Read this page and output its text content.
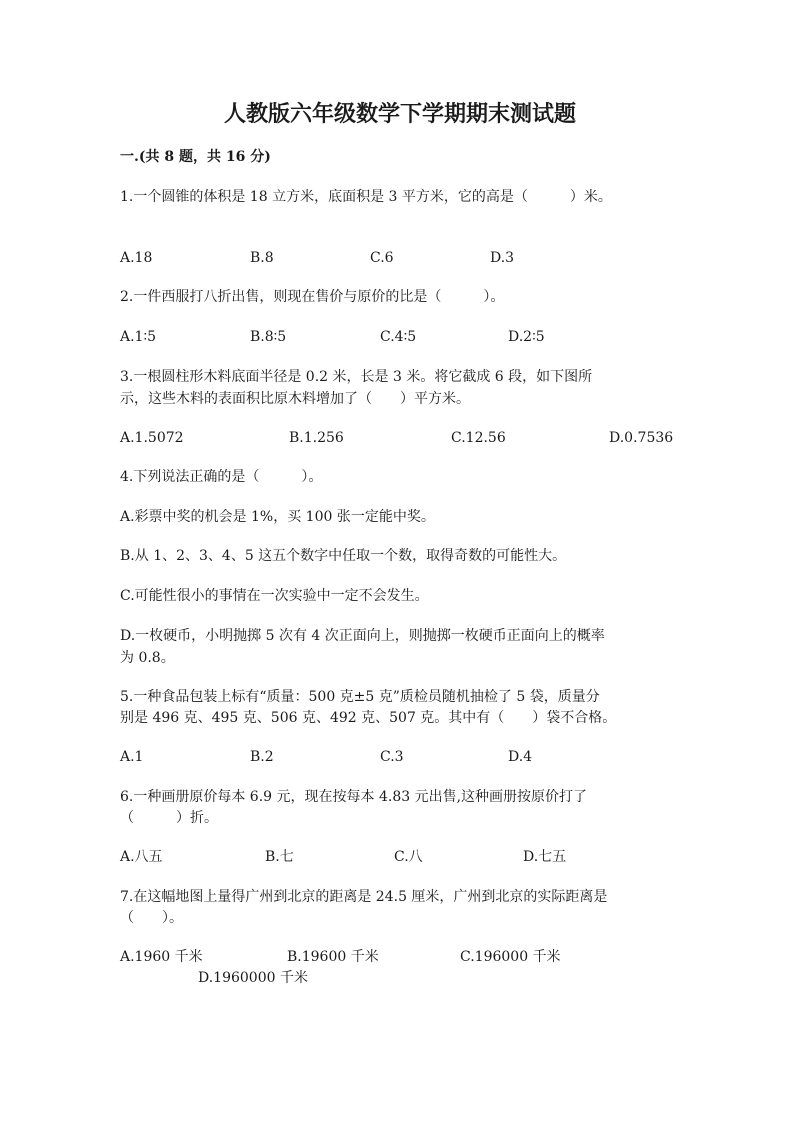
人教版六年级数学下学期期末测试题
一.(共 8 题，共 16 分)
1.一个圆锥的体积是 18 立方米，底面积是 3 平方米，它的高是（　　　）米。
A.18	B.8	C.6	D.3
2.一件西服打八折出售，则现在售价与原价的比是（　　　）。
A.1∶5	B.8∶5	C.4∶5	D.2∶5
3.一根圆柱形木料底面半径是 0.2 米，长是 3 米。将它截成 6 段，如下图所
示，这些木料的表面积比原木料增加了（　　）平方米。
A.1.5072	B.1.256	C.12.56	D.0.7536
4.下列说法正确的是（　　　）。
A.彩票中奖的机会是 1%，买 100 张一定能中奖。
B.从 1、2、3、4、5 这五个数字中任取一个数，取得奇数的可能性大。
C.可能性很小的事情在一次实验中一定不会发生。
D.一枚硬币，小明抛掷 5 次有 4 次正面向上，则抛掷一枚硬币正面向上的概率
为 0.8。
5.一种食品包装上标有“质量：500 克±5 克”质检员随机抽检了 5 袋，质量分
别是 496 克、495 克、506 克、492 克、507 克。其中有（　　）袋不合格。
A.1	B.2	C.3	D.4
6.一种画册原价每本 6.9 元，现在按每本 4.83 元出售,这种画册按原价打了
（　　　）折。
A.八五	B.七	C.八	D.七五
7.在这幅地图上量得广州到北京的距离是 24.5 厘米，广州到北京的实际距离是
（　　）。
A.1960 千米	B.19600 千米	C.196000 千米
D.1960000 千米
